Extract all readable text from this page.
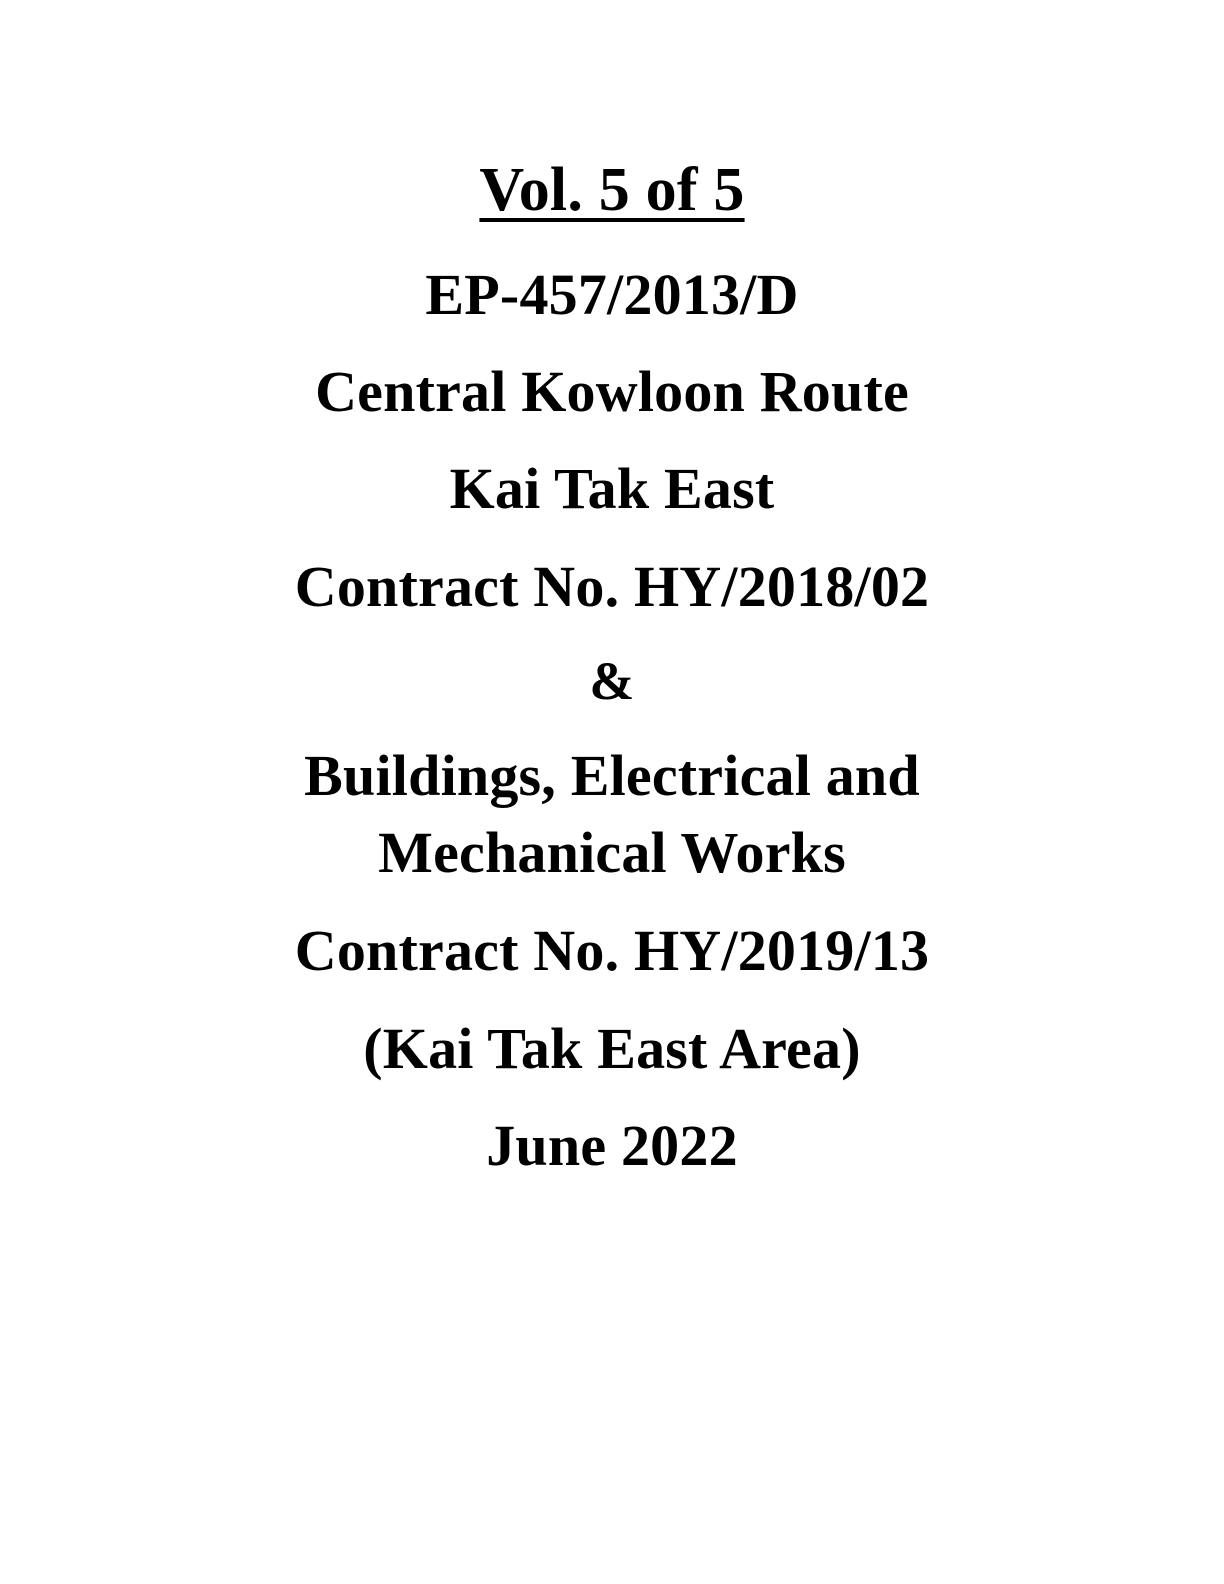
Vol. 5 of 5
EP-457/2013/D
Central Kowloon Route
Kai Tak East
Contract No. HY/2018/02
&
Buildings, Electrical and Mechanical Works
Contract No. HY/2019/13
(Kai Tak East Area)
June 2022
